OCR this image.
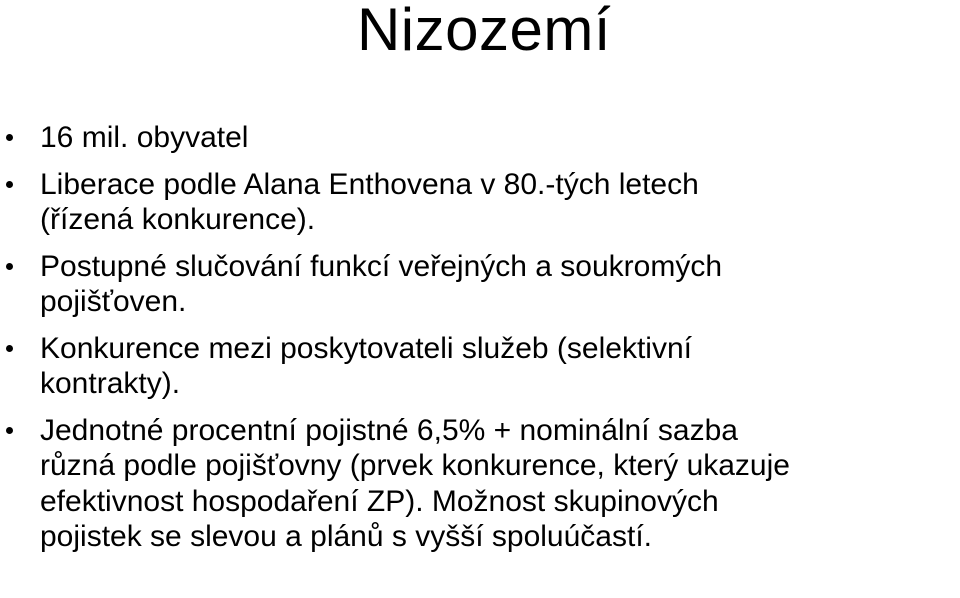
Nizozemí
16 mil. obyvatel
Liberace podle Alana Enthovena v 80.-tých letech
(řízená konkurence).
Postupné slučování funkcí veřejných a soukromých
pojišťoven.
Konkurence mezi poskytovateli služeb (selektivní
kontrakty).
Jednotné procentní pojistné 6,5% + nominální sazba
různá podle pojišťovny (prvek konkurence, který ukazuje
efektivnost hospodaření ZP). Možnost skupinových
pojistek se slevou a plánů s vyšší spoluúčastí.
